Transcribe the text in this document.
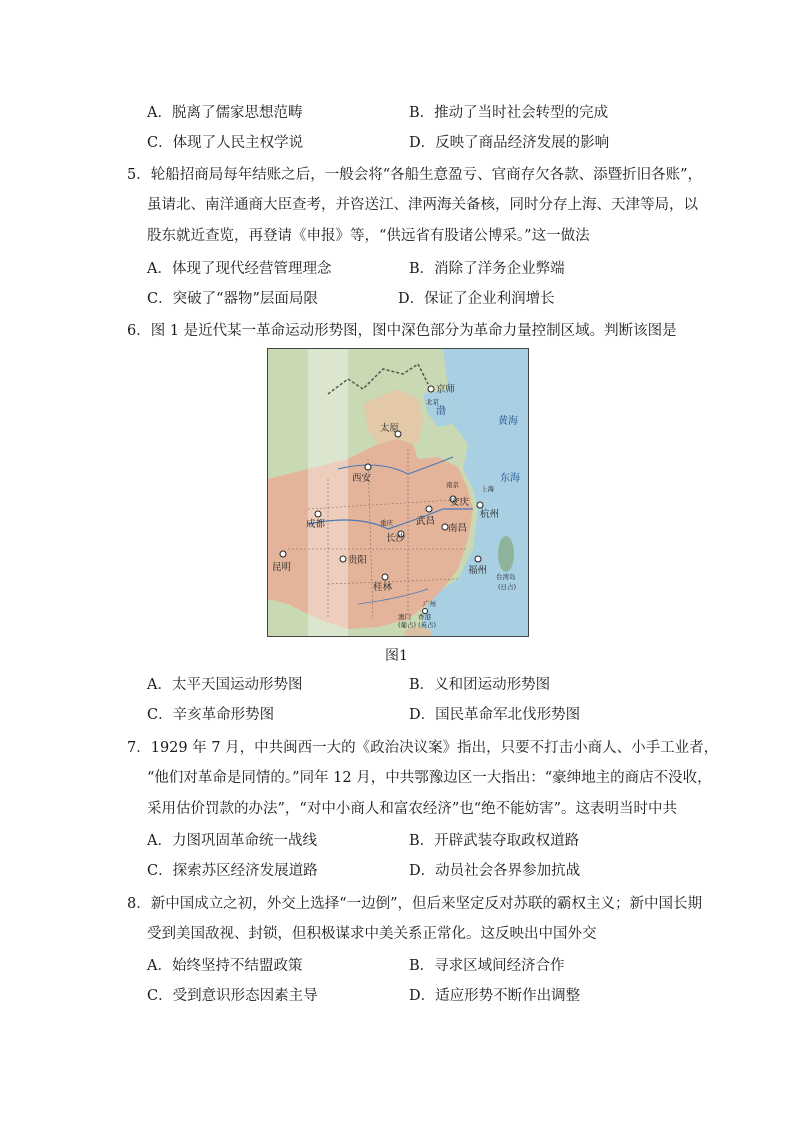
A．脱离了儒家思想范畴	B．推动了当时社会转型的完成
C．体现了人民主权学说	D．反映了商品经济发展的影响
5．轮船招商局每年结账之后，一般会将“各船生意盈亏、官商存欠各款、添暨折旧各账”，
虽请北、南洋通商大臣查考，并咨送江、津两海关备核，同时分存上海、天津等局，以
股东就近查览，再登请《申报》等，“供远省有股诸公博采。”这一做法
A．体现了现代经营管理理念	B．消除了洋务企业弊端
C．突破了“器物”层面局限	D．保证了企业利润增长
6．图 1 是近代某一革命运动形势图，图中深色部分为革命力量控制区域。判断该图是
京师
北京
太原
西安
成都	重庆 武昌
长沙
南昌
安庆
南京	上海
杭州
福州
贵阳
桂林
昆明
广州
澳门 香港
(葡占) (英占)
台湾岛
(日占)
黄海
东海
渤
图1
A．太平天国运动形势图	B．义和团运动形势图
C．辛亥革命形势图	D．国民革命军北伐形势图
7．1929 年 7 月，中共闽西一大的《政治决议案》指出，只要不打击小商人、小手工业者，
“他们对革命是同情的。”同年 12 月，中共鄂豫边区一大指出：“豪绅地主的商店不没收，
采用估价罚款的办法”，“对中小商人和富农经济”也“绝不能妨害”。这表明当时中共
A．力图巩固革命统一战线	B．开辟武装夺取政权道路
C．探索苏区经济发展道路	D．动员社会各界参加抗战
8．新中国成立之初，外交上选择“一边倒”，但后来坚定反对苏联的霸权主义；新中国长期
受到美国敌视、封锁，但积极谋求中美关系正常化。这反映出中国外交
A．始终坚持不结盟政策	B．寻求区域间经济合作
C．受到意识形态因素主导	D．适应形势不断作出调整
